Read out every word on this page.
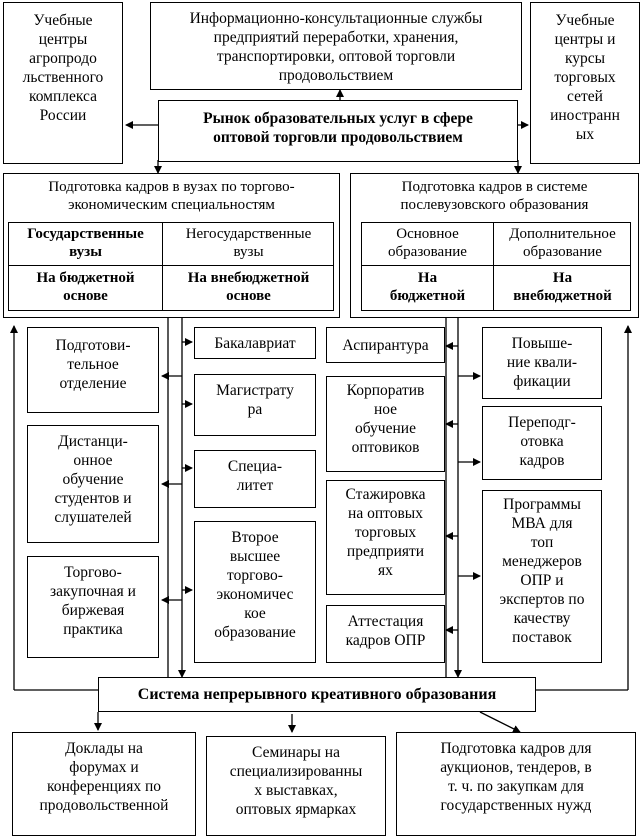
Учебные
центры
агропродо
льственного
комплекса
России
Информационно-консультационные службы
предприятий переработки, хранения,
транспортировки, оптовой торговли
продовольствием
Учебные
центры и
курсы
торговых
сетей
иностранн
ых
Рынок образовательных услуг в сфере
оптовой торговли продовольствием
Подготовка кадров в вузах по торгово-
экономическим специальностям
Государственные
вузы
Негосударственные
вузы
На бюджетной
основе
На внебюджетной
основе
Подготовка кадров в системе
послевузовского образования
Основное
образование
Дополнительное
образование
На
бюджетной
На
внебюджетной
Подготови-
тельное
отделение
Дистанци-
онное
обучение
студентов и
слушателей
Торгово-
закупочная и
биржевая
практика
Бакалавриат
Магистрату
ра
Специа-
литет
Второе
высшее
торгово-
экономичес
кое
образование
Аспирантура
Корпоратив
ное
обучение
оптовиков
Стажировка
на оптовых
торговых
предприяти
ях
Аттестация
кадров ОПР
Повыше-
ние квали-
фикации
Переподг-
отовка
кадров
Программы
МВА для
топ
менеджеров
ОПР и
экспертов по
качеству
поставок
Система непрерывного креативного образования
Доклады на
форумах и
конференциях по
продовольственной
Семинары на
специализированны
х выставках,
оптовых ярмарках
Подготовка кадров для
аукционов, тендеров, в
т. ч. по закупкам для
государственных нужд
